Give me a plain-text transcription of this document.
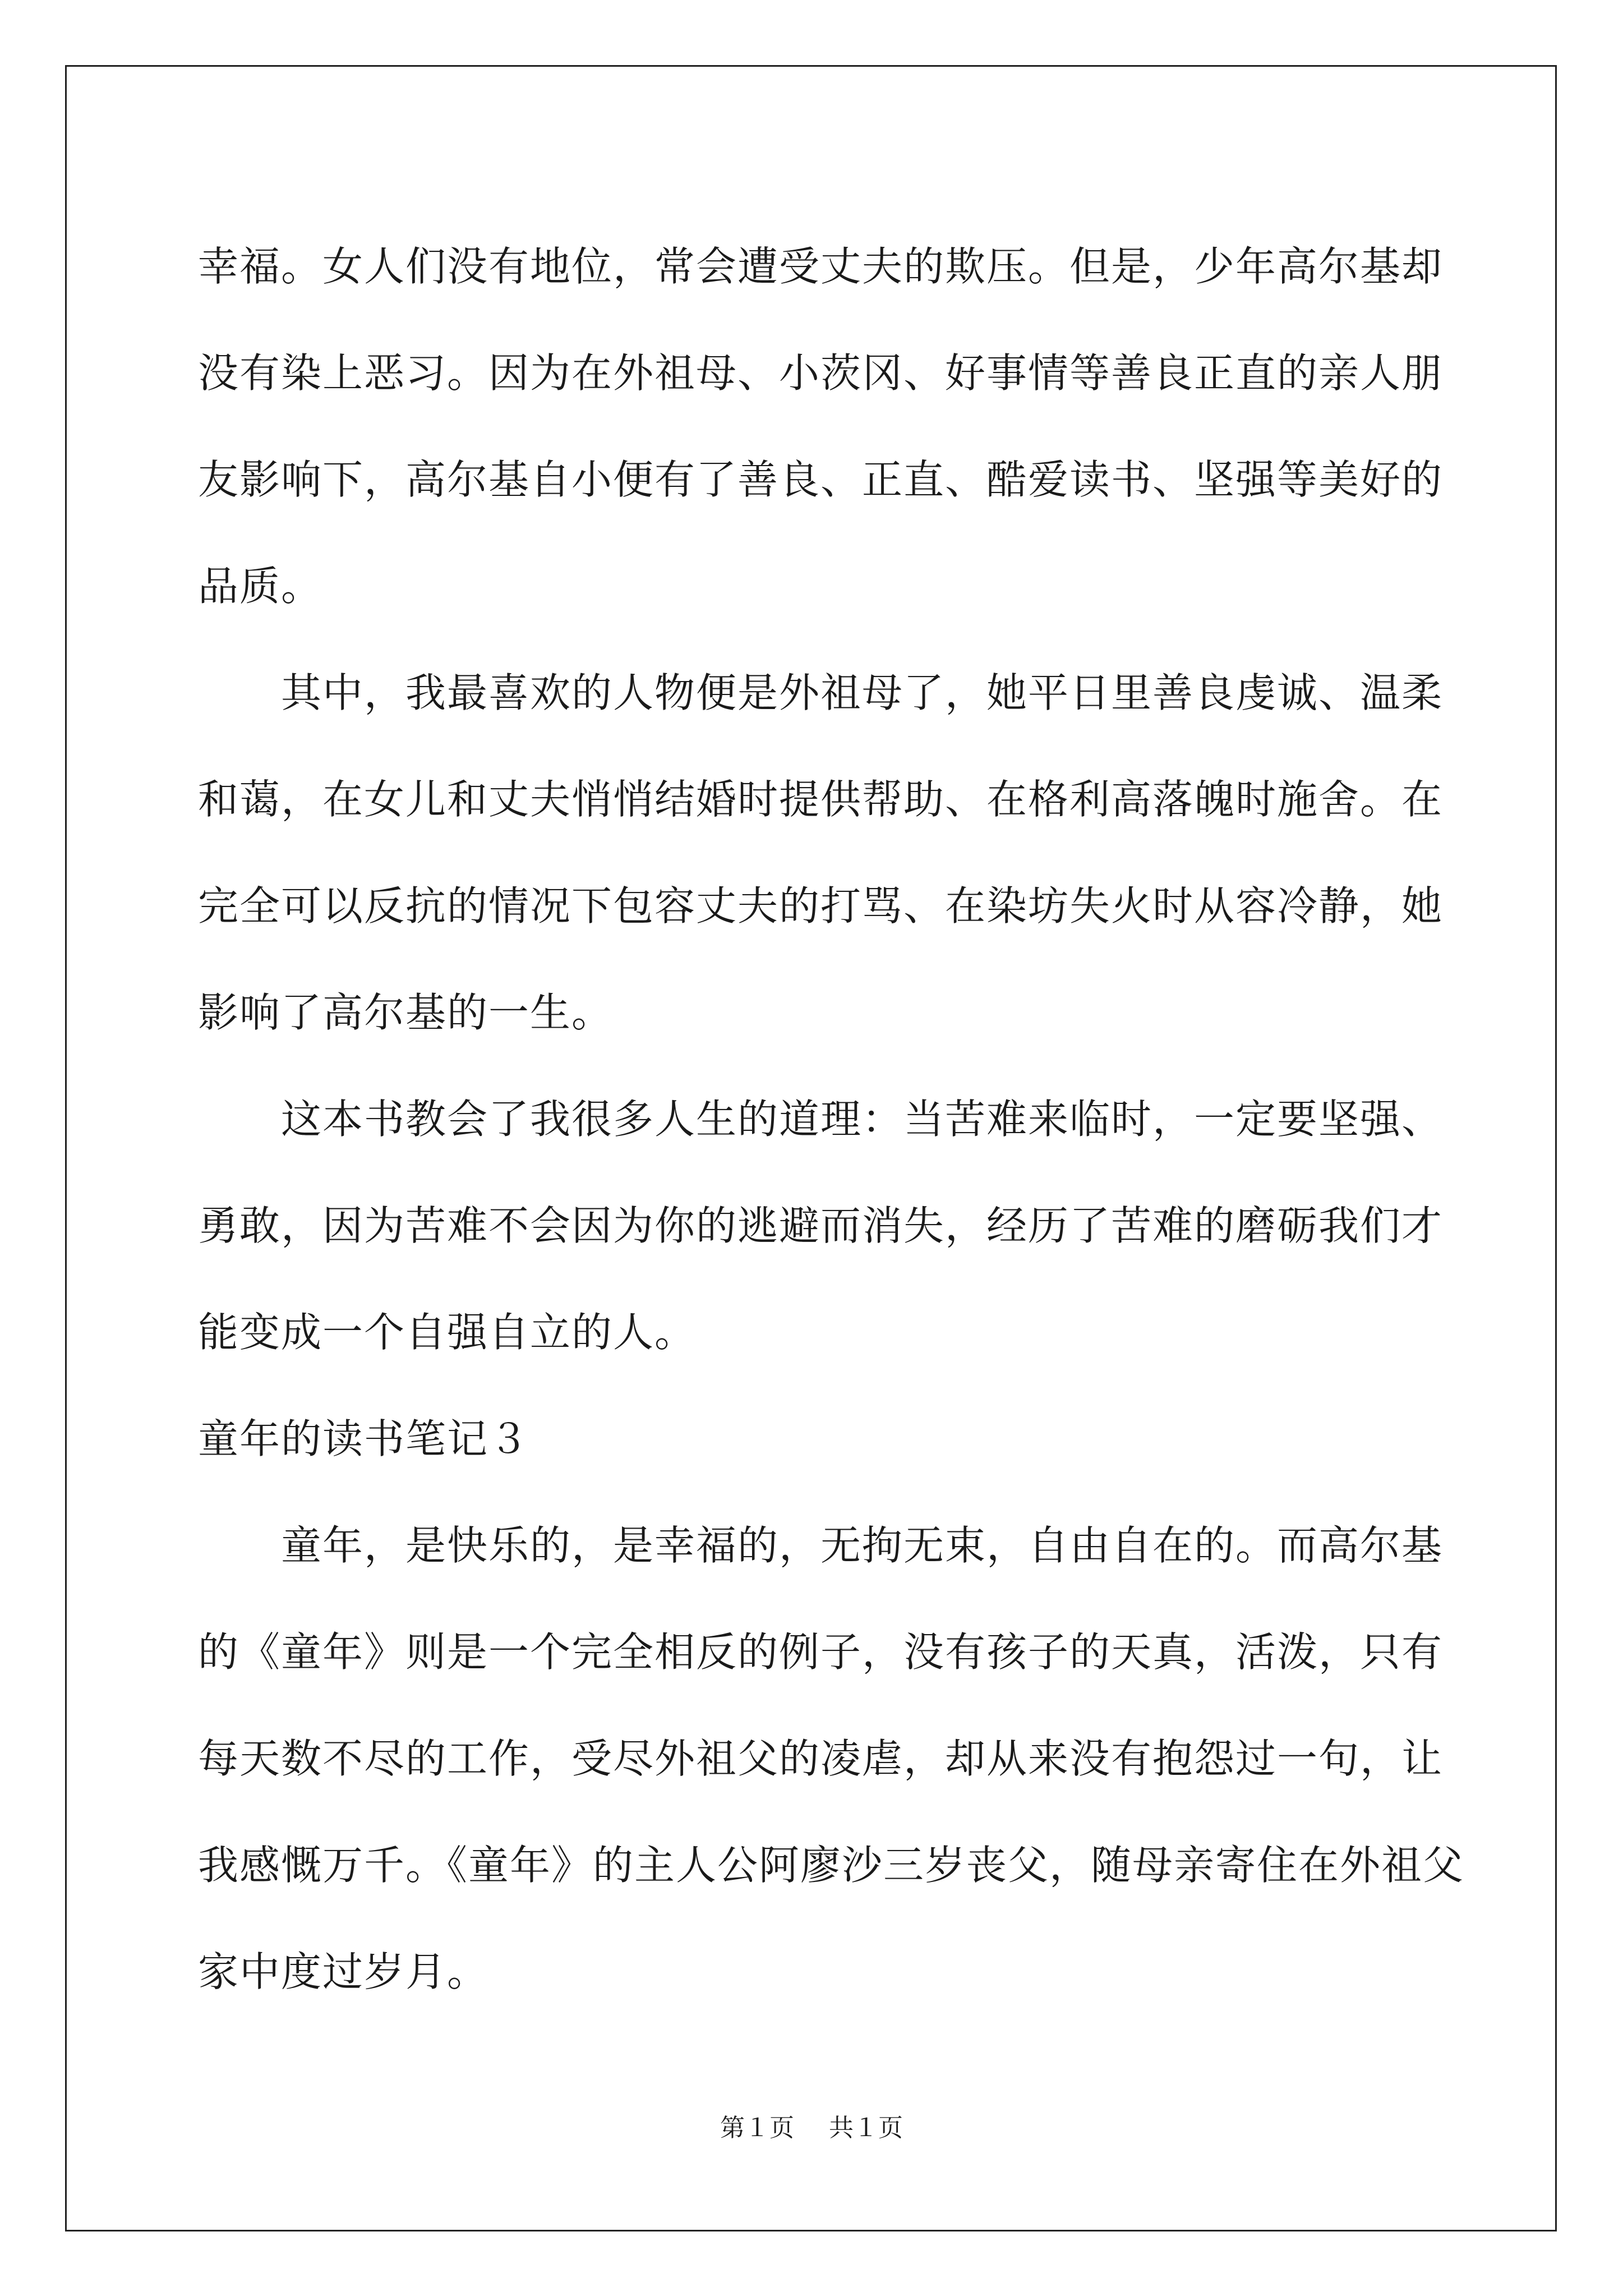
幸福。女人们没有地位，常会遭受丈夫的欺压。但是，少年高尔基却
没有染上恶习。因为在外祖母、小茨冈、好事情等善良正直的亲人朋
友影响下，高尔基自小便有了善良、正直、酷爱读书、坚强等美好的
品质。
　　其中，我最喜欢的人物便是外祖母了，她平日里善良虔诚、温柔
和蔼，在女儿和丈夫悄悄结婚时提供帮助、在格利高落魄时施舍。在
完全可以反抗的情况下包容丈夫的打骂、在染坊失火时从容冷静，她
影响了高尔基的一生。
　　这本书教会了我很多人生的道理：当苦难来临时，一定要坚强、
勇敢，因为苦难不会因为你的逃避而消失，经历了苦难的磨砺我们才
能变成一个自强自立的人。
童年的读书笔记３
　　童年，是快乐的，是幸福的，无拘无束，自由自在的。而高尔基
的《童年》则是一个完全相反的例子，没有孩子的天真，活泼，只有
每天数不尽的工作，受尽外祖父的凌虐，却从来没有抱怨过一句，让
我感慨万千。《童年》的主人公阿廖沙三岁丧父，随母亲寄住在外祖父
家中度过岁月。
第１页 共１页
